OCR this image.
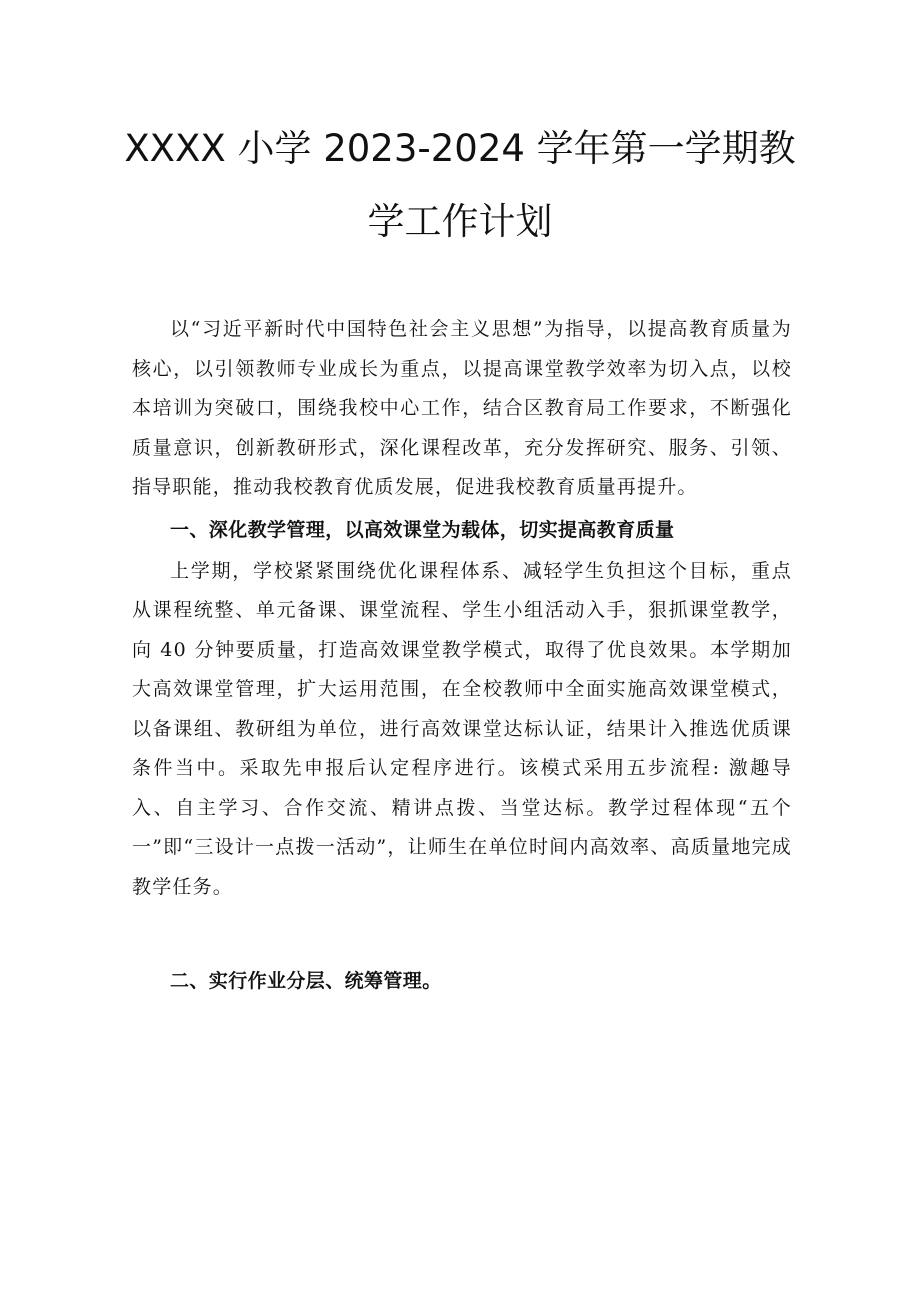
XXXX 小学 2023-2024 学年第一学期教
学工作计划

以“习近平新时代中国特色社会主义思想”为指导，以提高教育质量为核心，以引领教师专业成长为重点，以提高课堂教学效率为切入点，以校本培训为突破口，围绕我校中心工作，结合区教育局工作要求，不断强化质量意识，创新教研形式，深化课程改革，充分发挥研究、服务、引领、指导职能，推动我校教育优质发展，促进我校教育质量再提升。

一、深化教学管理，以高效课堂为载体，切实提高教育质量

上学期，学校紧紧围绕优化课程体系、减轻学生负担这个目标，重点从课程统整、单元备课、课堂流程、学生小组活动入手，狠抓课堂教学，向 40 分钟要质量，打造高效课堂教学模式，取得了优良效果。本学期加大高效课堂管理，扩大运用范围，在全校教师中全面实施高效课堂模式，以备课组、教研组为单位，进行高效课堂达标认证，结果计入推选优质课条件当中。采取先申报后认定程序进行。该模式采用五步流程: 激趣导入、自主学习、合作交流、精讲点拨、当堂达标。教学过程体现“五个一”即“三设计一点拨一活动”，让师生在单位时间内高效率、高质量地完成教学任务。

二、实行作业分层、统筹管理。
